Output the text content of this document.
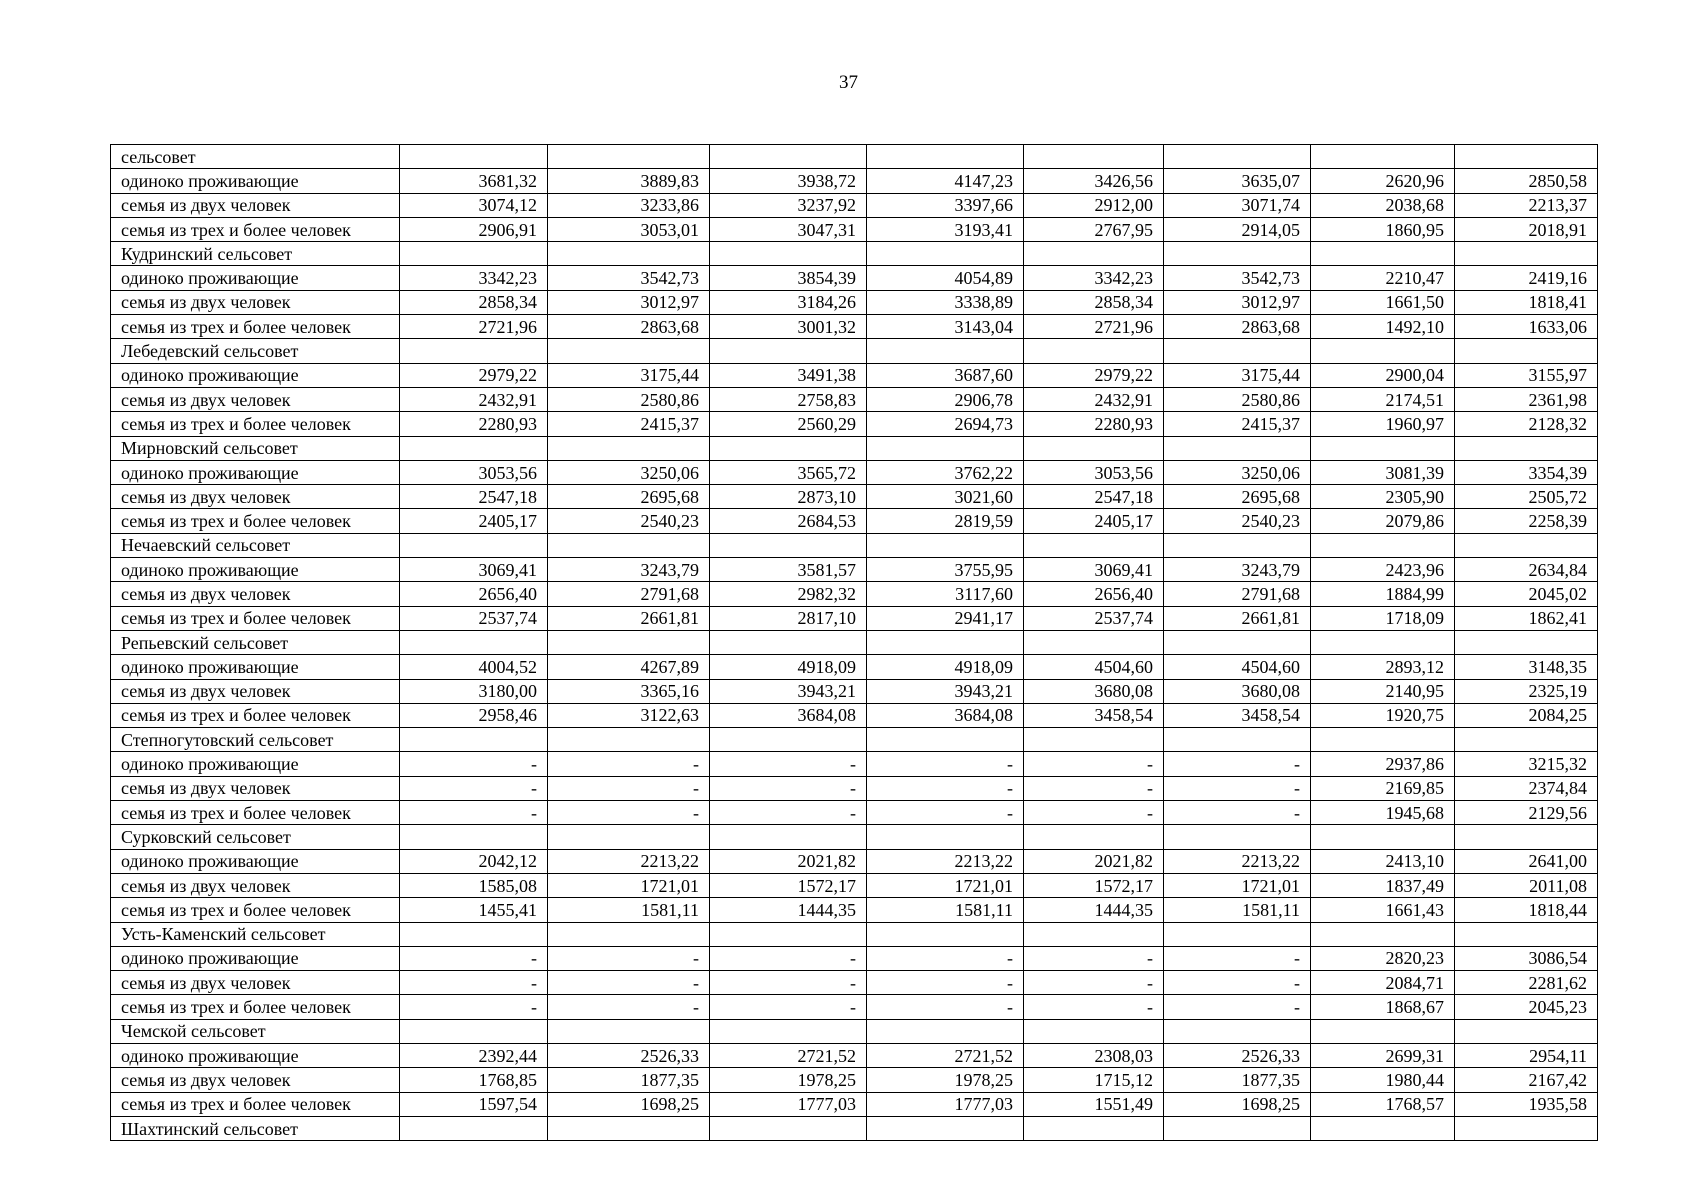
37
сельсовет								
одиноко проживающие	3681,32	3889,83	3938,72	4147,23	3426,56	3635,07	2620,96	2850,58
семья из двух человек	3074,12	3233,86	3237,92	3397,66	2912,00	3071,74	2038,68	2213,37
семья из трех и более человек	2906,91	3053,01	3047,31	3193,41	2767,95	2914,05	1860,95	2018,91
Кудринский сельсовет								
одиноко проживающие	3342,23	3542,73	3854,39	4054,89	3342,23	3542,73	2210,47	2419,16
семья из двух человек	2858,34	3012,97	3184,26	3338,89	2858,34	3012,97	1661,50	1818,41
семья из трех и более человек	2721,96	2863,68	3001,32	3143,04	2721,96	2863,68	1492,10	1633,06
Лебедевский сельсовет								
одиноко проживающие	2979,22	3175,44	3491,38	3687,60	2979,22	3175,44	2900,04	3155,97
семья из двух человек	2432,91	2580,86	2758,83	2906,78	2432,91	2580,86	2174,51	2361,98
семья из трех и более человек	2280,93	2415,37	2560,29	2694,73	2280,93	2415,37	1960,97	2128,32
Мирновский сельсовет								
одиноко проживающие	3053,56	3250,06	3565,72	3762,22	3053,56	3250,06	3081,39	3354,39
семья из двух человек	2547,18	2695,68	2873,10	3021,60	2547,18	2695,68	2305,90	2505,72
семья из трех и более человек	2405,17	2540,23	2684,53	2819,59	2405,17	2540,23	2079,86	2258,39
Нечаевский сельсовет								
одиноко проживающие	3069,41	3243,79	3581,57	3755,95	3069,41	3243,79	2423,96	2634,84
семья из двух человек	2656,40	2791,68	2982,32	3117,60	2656,40	2791,68	1884,99	2045,02
семья из трех и более человек	2537,74	2661,81	2817,10	2941,17	2537,74	2661,81	1718,09	1862,41
Репьевский сельсовет								
одиноко проживающие	4004,52	4267,89	4918,09	4918,09	4504,60	4504,60	2893,12	3148,35
семья из двух человек	3180,00	3365,16	3943,21	3943,21	3680,08	3680,08	2140,95	2325,19
семья из трех и более человек	2958,46	3122,63	3684,08	3684,08	3458,54	3458,54	1920,75	2084,25
Степногутовский сельсовет								
одиноко проживающие	-	-	-	-	-	-	2937,86	3215,32
семья из двух человек	-	-	-	-	-	-	2169,85	2374,84
семья из трех и более человек	-	-	-	-	-	-	1945,68	2129,56
Сурковский сельсовет								
одиноко проживающие	2042,12	2213,22	2021,82	2213,22	2021,82	2213,22	2413,10	2641,00
семья из двух человек	1585,08	1721,01	1572,17	1721,01	1572,17	1721,01	1837,49	2011,08
семья из трех и более человек	1455,41	1581,11	1444,35	1581,11	1444,35	1581,11	1661,43	1818,44
Усть-Каменский сельсовет								
одиноко проживающие	-	-	-	-	-	-	2820,23	3086,54
семья из двух человек	-	-	-	-	-	-	2084,71	2281,62
семья из трех и более человек	-	-	-	-	-	-	1868,67	2045,23
Чемской сельсовет								
одиноко проживающие	2392,44	2526,33	2721,52	2721,52	2308,03	2526,33	2699,31	2954,11
семья из двух человек	1768,85	1877,35	1978,25	1978,25	1715,12	1877,35	1980,44	2167,42
семья из трех и более человек	1597,54	1698,25	1777,03	1777,03	1551,49	1698,25	1768,57	1935,58
Шахтинский сельсовет								
